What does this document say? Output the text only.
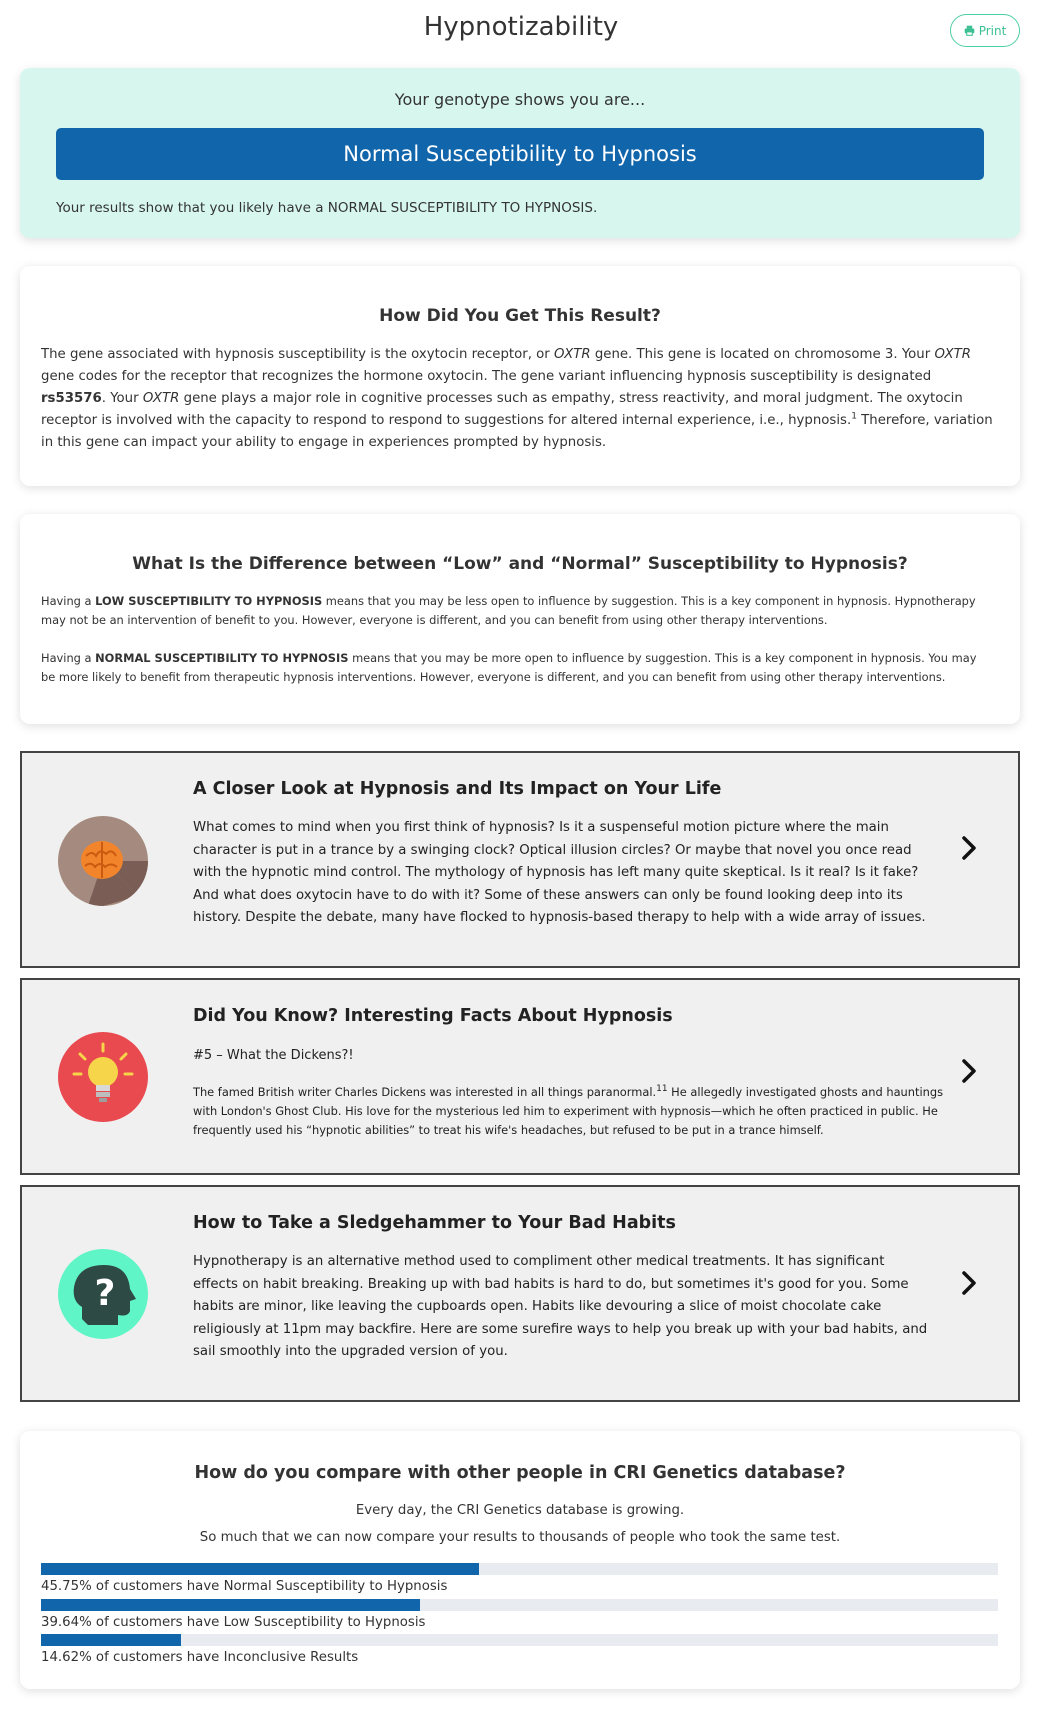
Hypnotizability	Print
Your genotype shows you are...
Normal Susceptibility to Hypnosis
Your results show that you likely have a NORMAL SUSCEPTIBILITY TO HYPNOSIS.
How Did You Get This Result?

The gene associated with hypnosis susceptibility is the oxytocin receptor, or OXTR gene. This gene is located on chromosome 3. Your OXTR gene codes for the receptor that recognizes the hormone oxytocin. The gene variant influencing hypnosis susceptibility is designated rs53576. Your OXTR gene plays a major role in cognitive processes such as empathy, stress reactivity, and moral judgment. The oxytocin receptor is involved with the capacity to respond to respond to suggestions for altered internal experience, i.e., hypnosis.$^1$ Therefore, variation in this gene can impact your ability to engage in experiences prompted by hypnosis.

What Is the Difference between “Low” and “Normal” Susceptibility to Hypnosis?
Having a LOW SUSCEPTIBILITY TO HYPNOSIS means that you may be less open to influence by suggestion. This is a key component in hypnosis. Hypnotherapy may not be an intervention of benefit to you. However, everyone is different, and you can benefit from using other therapy interventions.
Having a NORMAL SUSCEPTIBILITY TO HYPNOSIS means that you may be more open to influence by suggestion. This is a key component in hypnosis. You may be more likely to benefit from therapeutic hypnosis interventions. However, everyone is different, and you can benefit from using other therapy interventions.
A Closer Look at Hypnosis and Its Impact on Your Life
What comes to mind when you first think of hypnosis? Is it a suspenseful motion picture where the main character is put in a trance by a swinging clock? Optical illusion circles? Or maybe that novel you once read with the hypnotic mind control. The mythology of hypnosis has left many quite skeptical. Is it real? Is it fake? And what does oxytocin have to do with it? Some of these answers can only be found looking deep into its history. Despite the debate, many have flocked to hypnosis-based therapy to help with a wide array of issues.
Did You Know? Interesting Facts About Hypnosis
#5 – What the Dickens?!
The famed British writer Charles Dickens was interested in all things paranormal.$^{11}$ He allegedly investigated ghosts and hauntings with London's Ghost Club. His love for the mysterious led him to experiment with hypnosis—which he often practiced in public. He frequently used his “hypnotic abilities” to treat his wife's headaches, but refused to be put in a trance himself.
?
How to Take a Sledgehammer to Your Bad Habits
Hypnotherapy is an alternative method used to compliment other medical treatments. It has significant effects on habit breaking. Breaking up with bad habits is hard to do, but sometimes it's good for you. Some habits are minor, like leaving the cupboards open. Habits like devouring a slice of moist chocolate cake religiously at 11pm may backfire. Here are some surefire ways to help you break up with your bad habits, and sail smoothly into the upgraded version of you.
How do you compare with other people in CRI Genetics database?
Every day, the CRI Genetics database is growing.
So much that we can now compare your results to thousands of people who took the same test.
45.75% of customers have Normal Susceptibility to Hypnosis
39.64% of customers have Low Susceptibility to Hypnosis
14.62% of customers have Inconclusive Results
